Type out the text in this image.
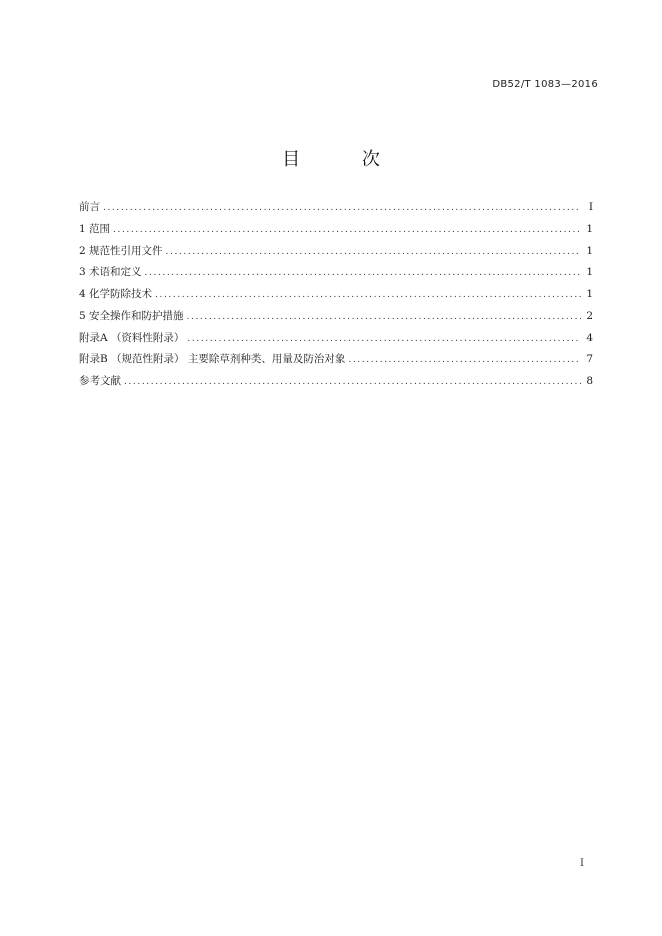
DB52/T 1083—2016
目 次
前言 .....	I
1 范围 .....	1
2 规范性引用文件 .....	1
3 术语和定义 .....	1
4 化学防除技术 .....	1
5 安全操作和防护措施 .....	2
附录A （资料性附录） .....	4
附录B （规范性附录） 主要除草剂种类、用量及防治对象 .....	7
参考文献 .....	8
I
